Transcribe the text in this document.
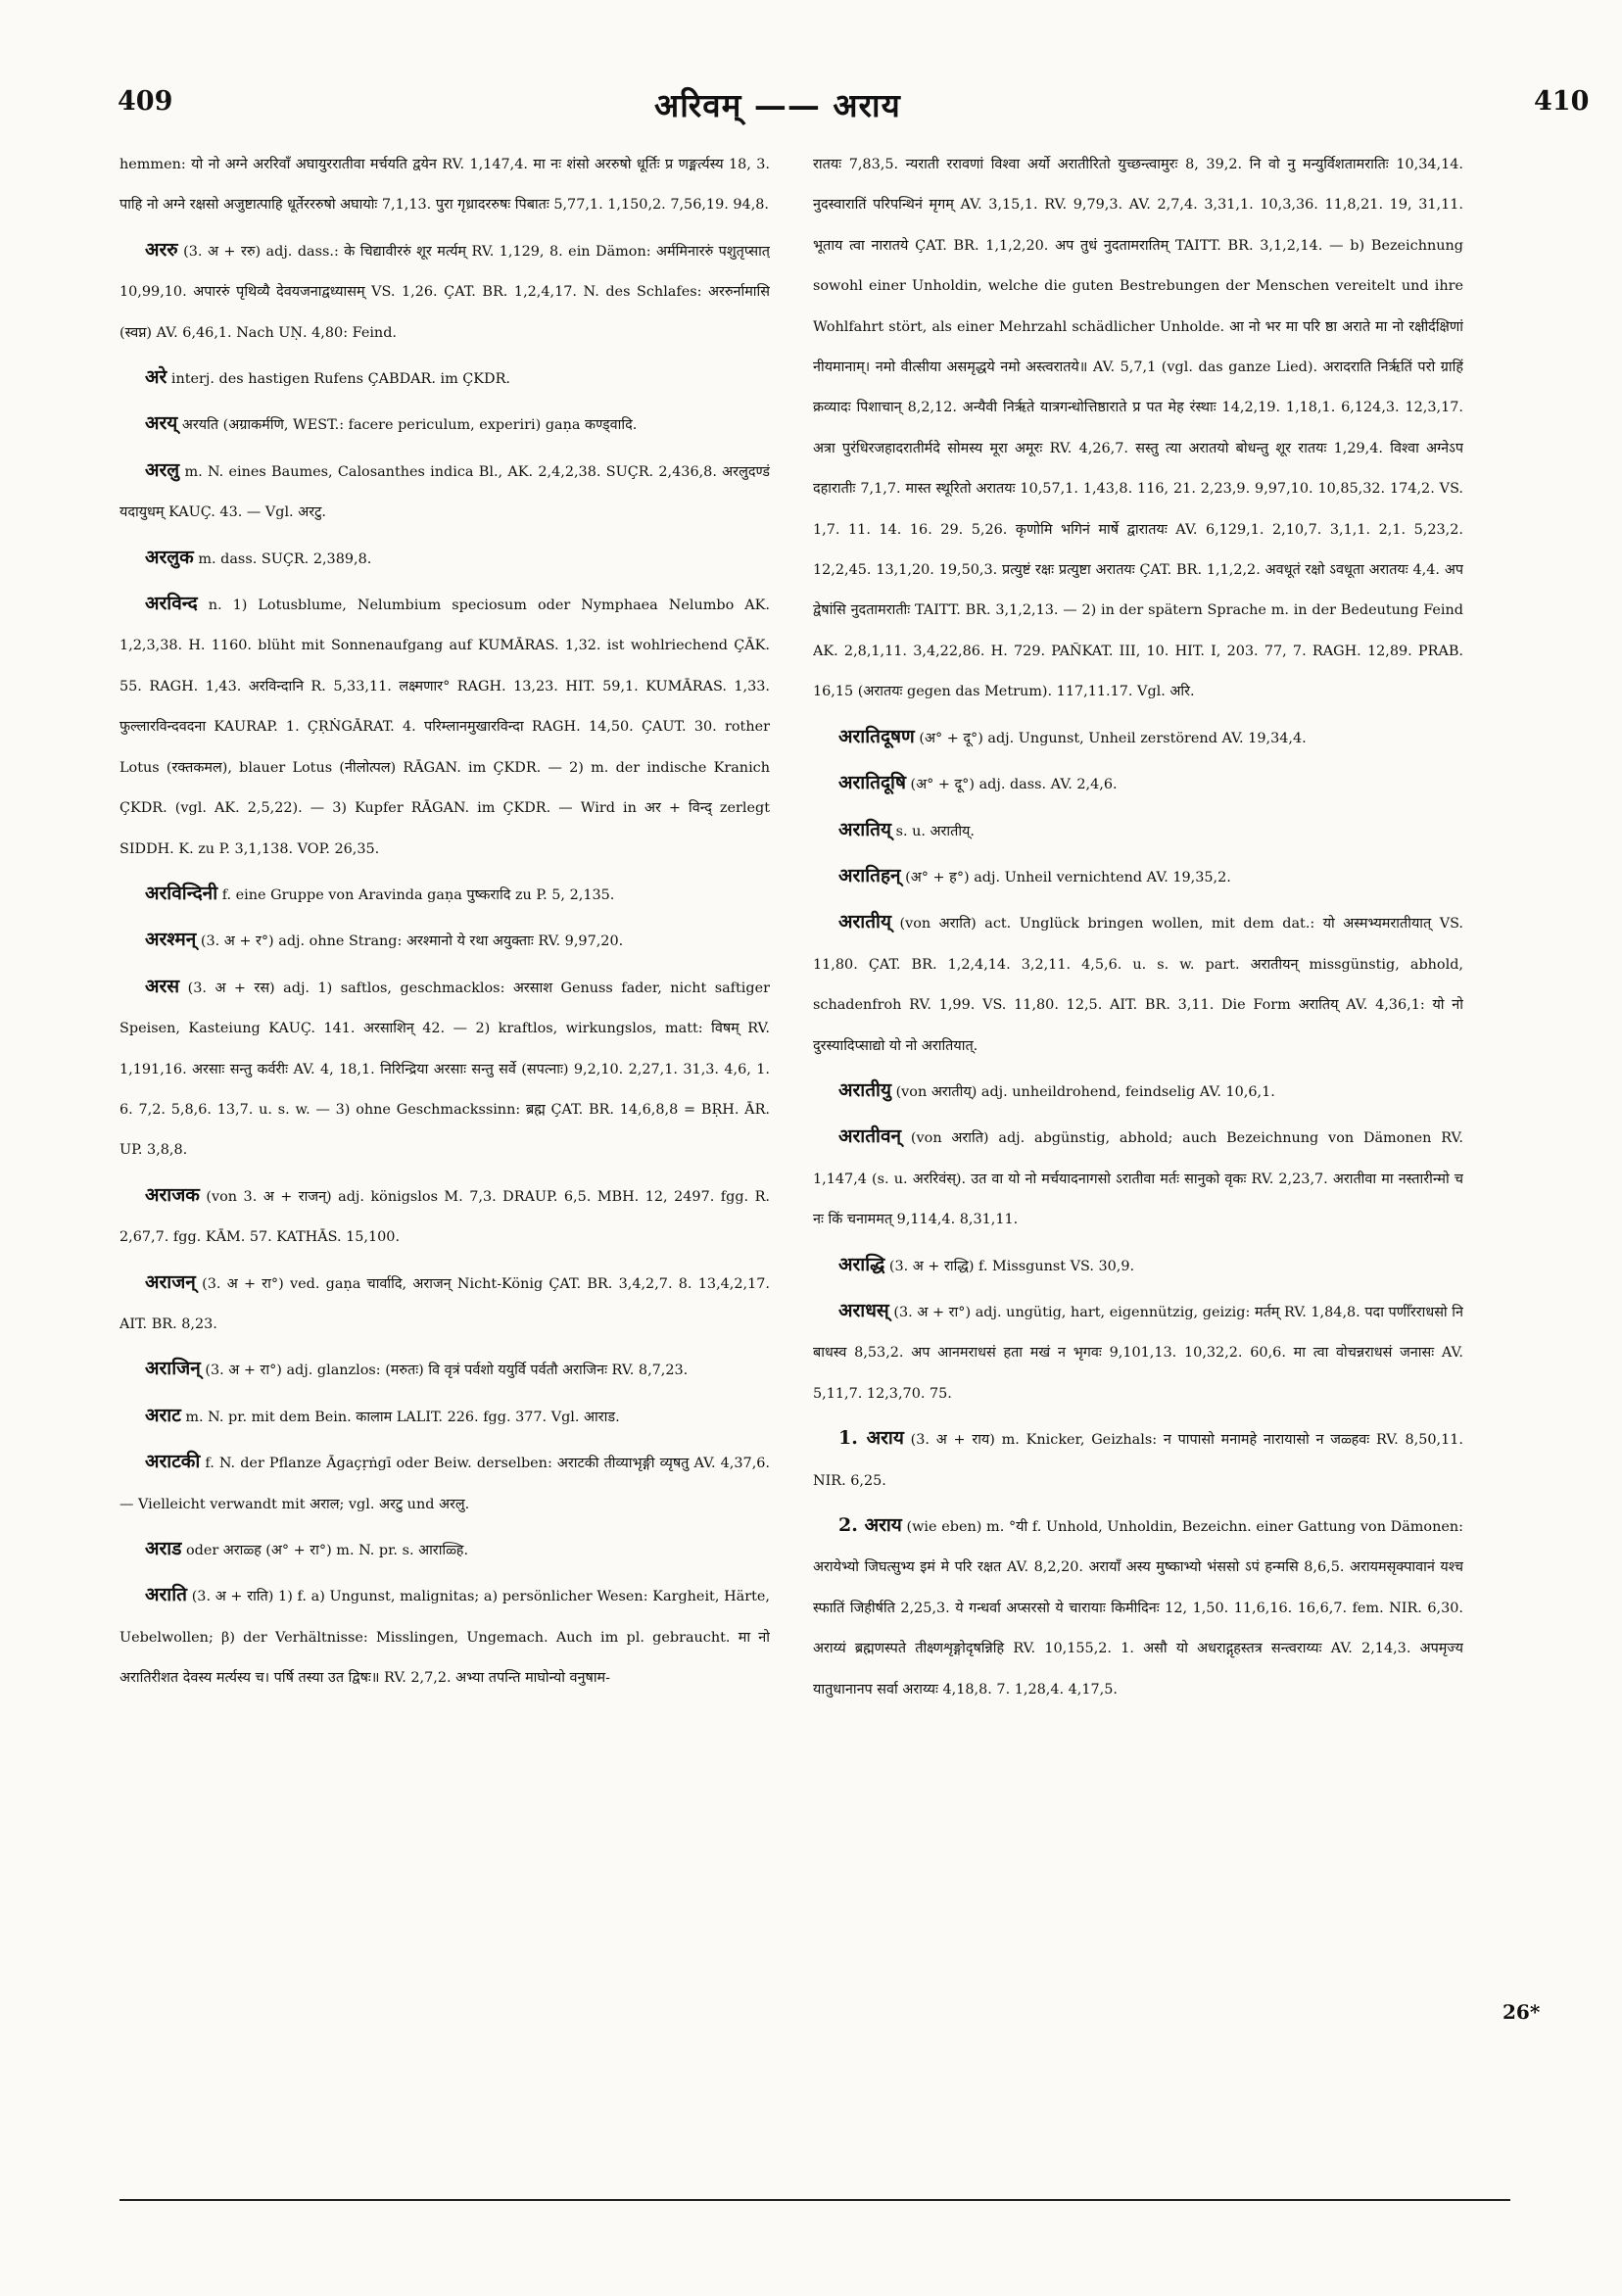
409	अरिवम् —— अराय	410

hemmen: यो नो अग्ने अररिवाँ अघायुररातीवा मर्चयति द्वयेन RV. 1,147,4. मा नः शंसो अररुषो धूर्तिः प्र णङ्मर्त्यस्य 18, 3. पाहि नो अग्ने रक्षसो अजुष्टात्पाहि धूर्तेरररुषो अघायोः 7,1,13. पुरा गृध्रादररुषः पिबातः 5,77,1. 1,150,2. 7,56,19. 94,8.

अररु (3. अ + ररु) adj. dass.: के चिद्यावीररुं शूर मर्त्यम् RV. 1,129, 8. ein Dämon: अर्ममिनाररुं पशुतृप्सात् 10,99,10. अपाररुं पृथिव्यै देवयजनाद्वध्यासम् VS. 1,26. ÇAT. BR. 1,2,4,17. N. des Schlafes: अररुर्नामासि (स्वप्न) AV. 6,46,1. Nach UṆ. 4,80: Feind.

अरे interj. des hastigen Rufens ÇABDAR. im ÇKDR.

अरय् अरयति (अग्राकर्मणि, WEST.: facere periculum, experiri) gaṇa कण्ड्वादि.

अरलु m. N. eines Baumes, Calosanthes indica Bl., AK. 2,4,2,38. SUÇR. 2,436,8. अरलुदण्डं यदायुधम् KAUÇ. 43. — Vgl. अरटु.

अरलुक m. dass. SUÇR. 2,389,8.

अरविन्द n. 1) Lotusblume, Nelumbium speciosum oder Nymphaea Nelumbo AK. 1,2,3,38. H. 1160. blüht mit Sonnenaufgang auf KUMĀRAS. 1,32. ist wohlriechend ÇĀK. 55. RAGH. 1,43. अरविन्दानि R. 5,33,11. लक्ष्मणार° RAGH. 13,23. HIT. 59,1. KUMĀRAS. 1,33. फुल्लारविन्दवदना KAURAP. 1. ÇṚṄGĀRAT. 4. परिम्लानमुखारविन्दा RAGH. 14,50. ÇAUT. 30. rother Lotus (रक्तकमल), blauer Lotus (नीलोत्पल) RĀGAN. im ÇKDR. — 2) m. der indische Kranich ÇKDR. (vgl. AK. 2,5,22). — 3) Kupfer RĀGAN. im ÇKDR. — Wird in अर + विन्द् zerlegt SIDDH. K. zu P. 3,1,138. VOP. 26,35.

अरविन्दिनी f. eine Gruppe von Aravinda gaṇa पुष्करादि zu P. 5, 2,135.

अरश्मन् (3. अ + र°) adj. ohne Strang: अरश्मानो ये रथा अयुक्ताः RV. 9,97,20.

अरस (3. अ + रस) adj. 1) saftlos, geschmacklos: अरसाश Genuss fader, nicht saftiger Speisen, Kasteiung KAUÇ. 141. अरसाशिन् 42. — 2) kraftlos, wirkungslos, matt: विषम् RV. 1,191,16. अरसाः सन्तु कर्वरीः AV. 4, 18,1. निरिन्द्रिया अरसाः सन्तु सर्वे (सपत्नाः) 9,2,10. 2,27,1. 31,3. 4,6, 1. 6. 7,2. 5,8,6. 13,7. u. s. w. — 3) ohne Geschmackssinn: ब्रह्म ÇAT. BR. 14,6,8,8 = BṚH. ĀR. UP. 3,8,8.

अराजक (von 3. अ + राजन्) adj. königslos M. 7,3. DRAUP. 6,5. MBH. 12, 2497. fgg. R. 2,67,7. fgg. KĀM. 57. KATHĀS. 15,100.

अराजन् (3. अ + रा°) ved. gaṇa चार्वादि, अराजन् Nicht-König ÇAT. BR. 3,4,2,7. 8. 13,4,2,17. AIT. BR. 8,23.

अराजिन् (3. अ + रा°) adj. glanzlos: (मरुतः) वि वृत्रं पर्वशो ययुर्वि पर्वतौ अराजिनः RV. 8,7,23.

अराट m. N. pr. mit dem Bein. कालाम LALIT. 226. fgg. 377. Vgl. आराड.

अराटकी f. N. der Pflanze Āgaçṛṅgī oder Beiw. derselben: अराटकी तीव्याभृङ्गी व्यृषतु AV. 4,37,6. — Vielleicht verwandt mit अराल; vgl. अरटु und अरलु.

अराड oder अराळ्ह (अ° + रा°) m. N. pr. s. आराळ्हि.

अराति (3. अ + राति) 1) f. a) Ungunst, malignitas; a) persönlicher Wesen: Kargheit, Härte, Uebelwollen; β) der Verhältnisse: Misslingen, Ungemach. Auch im pl. gebraucht. मा नो अरातिरीशत देवस्य मर्त्यस्य च। पर्षि तस्या उत द्विषः॥ RV. 2,7,2. अभ्या तपन्ति माघोन्यो वनुषाम-

रातयः 7,83,5. न्यराती ररावणां विश्वा अर्यो अरातीरितो युच्छन्त्वामुरः 8, 39,2. नि वो नु मन्युर्विशतामरातिः 10,34,14. नुदस्वारातिं परिपन्थिनं मृगम् AV. 3,15,1. RV. 9,79,3. AV. 2,7,4. 3,31,1. 10,3,36. 11,8,21. 19, 31,11. भूताय त्वा नारातये ÇAT. BR. 1,1,2,20. अप तुधं नुदतामरातिम् TAITT. BR. 3,1,2,14. — b) Bezeichnung sowohl einer Unholdin, welche die guten Bestrebungen der Menschen vereitelt und ihre Wohlfahrt stört, als einer Mehrzahl schädlicher Unholde. आ नो भर मा परि ष्ठा अराते मा नो रक्षीर्दक्षिणां नीयमानाम्। नमो वीत्सीया असमृद्धये नमो अस्त्वरातये॥ AV. 5,7,1 (vgl. das ganze Lied). अरादराति निर्ऋतिं परो ग्राहिं क्रव्यादः पिशाचान् 8,2,12. अन्यैवी निर्ऋते यात्रगन्धोत्तिष्ठाराते प्र पत मेह रंस्थाः 14,2,19. 1,18,1. 6,124,3. 12,3,17. अत्रा पुरंधिरजहादरातीर्मदे सोमस्य मूरा अमूरः RV. 4,26,7. सस्तु त्या अरातयो बोधन्तु शूर रातयः 1,29,4. विश्वा अग्नेऽप दहारातीः 7,1,7. मास्त स्थूरितो अरातयः 10,57,1. 1,43,8. 116, 21. 2,23,9. 9,97,10. 10,85,32. 174,2. VS. 1,7. 11. 14. 16. 29. 5,26. कृणोमि भगिनं मार्षे द्वारातयः AV. 6,129,1. 2,10,7. 3,1,1. 2,1. 5,23,2. 12,2,45. 13,1,20. 19,50,3. प्रत्युष्टं रक्षः प्रत्युष्टा अरातयः ÇAT. BR. 1,1,2,2. अवधूतं रक्षो ऽवधूता अरातयः 4,4. अप द्वेषांसि नुदतामरातीः TAITT. BR. 3,1,2,13. — 2) in der spätern Sprache m. in der Bedeutung Feind AK. 2,8,1,11. 3,4,22,86. H. 729. PAÑKAT. III, 10. HIT. I, 203. 77, 7. RAGH. 12,89. PRAB. 16,15 (अरातयः gegen das Metrum). 117,11.17. Vgl. अरि.

अरातिदूषण (अ° + दू°) adj. Ungunst, Unheil zerstörend AV. 19,34,4.

अरातिदूषि (अ° + दू°) adj. dass. AV. 2,4,6.

अरातिय् s. u. अरातीय्.

अरातिहन् (अ° + ह°) adj. Unheil vernichtend AV. 19,35,2.

अरातीय् (von अराति) act. Unglück bringen wollen, mit dem dat.: यो अस्मभ्यमरातीयात् VS. 11,80. ÇAT. BR. 1,2,4,14. 3,2,11. 4,5,6. u. s. w. part. अरातीयन् missgünstig, abhold, schadenfroh RV. 1,99. VS. 11,80. 12,5. AIT. BR. 3,11. Die Form अरातिय् AV. 4,36,1: यो नो दुरस्यादिप्साद्यो यो नो अरातियात्.

अरातीयु (von अरातीय्) adj. unheildrohend, feindselig AV. 10,6,1.

अरातीवन् (von अराति) adj. abgünstig, abhold; auch Bezeichnung von Dämonen RV. 1,147,4 (s. u. अररिवंस्). उत वा यो नो मर्चयादनागसो ऽरातीवा मर्तः सानुको वृकः RV. 2,23,7. अरातीवा मा नस्तारीन्मो च नः किं चनाममत् 9,114,4. 8,31,11.

अराद्धि (3. अ + राद्धि) f. Missgunst VS. 30,9.

अराधस् (3. अ + रा°) adj. ungütig, hart, eigennützig, geizig: मर्तम् RV. 1,84,8. पदा पणीँरराधसो नि बाधस्व 8,53,2. अप आनमराधसं हता मखं न भृगवः 9,101,13. 10,32,2. 60,6. मा त्वा वोचन्नराधसं जनासः AV. 5,11,7. 12,3,70. 75.

1. अराय (3. अ + राय) m. Knicker, Geizhals: न पापासो मनामहे नारायासो न जळ्हवः RV. 8,50,11. NIR. 6,25.

2. अराय (wie eben) m. °यी f. Unhold, Unholdin, Bezeichn. einer Gattung von Dämonen: अरायेभ्यो जिघत्सुभ्य इमं मे परि रक्षत AV. 8,2,20. अरायाँ अस्य मुष्काभ्यो भंससो ऽपं हन्मसि 8,6,5. अरायमसृक्पावानं यश्च स्फातिं जिहीर्षति 2,25,3. ये गन्धर्वा अप्सरसो ये चारायाः किमीदिनः 12, 1,50. 11,6,16. 16,6,7. fem. NIR. 6,30. अराय्यं ब्रह्मणस्पते तीक्ष्णशृङ्गोदृषन्निहि RV. 10,155,2. 1. असौ यो अधराद्गृहस्तत्र सन्त्वराय्यः AV. 2,14,3. अपमृज्य यातुधानानप सर्वा अराय्यः 4,18,8. 7. 1,28,4. 4,17,5.

26*
